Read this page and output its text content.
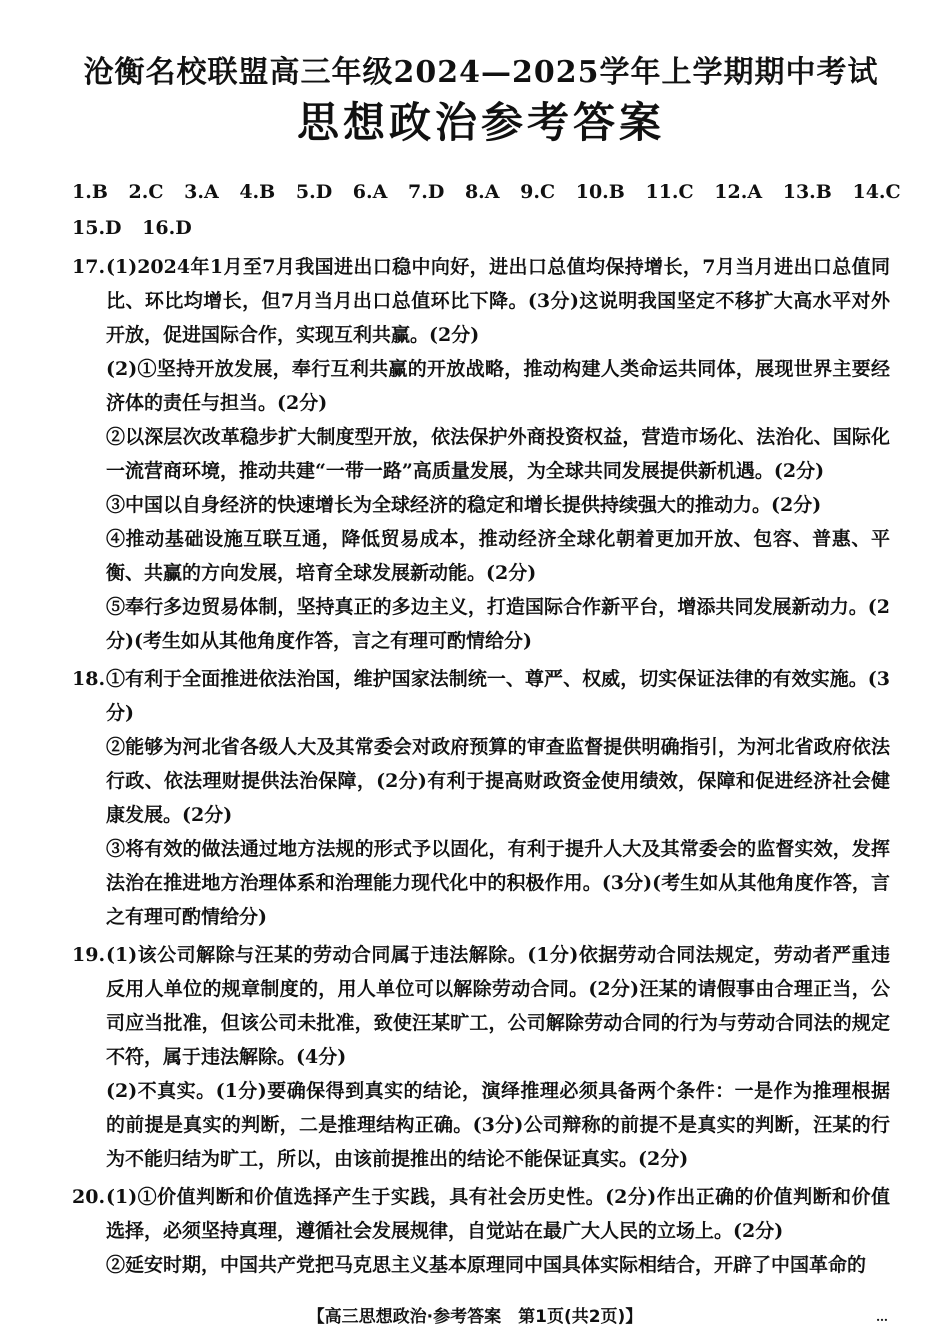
沧衡名校联盟高三年级2024—2025学年上学期期中考试
思想政治参考答案
1.B 2.C 3.A 4.B 5.D 6.A 7.D 8.A 9.C 10.B 11.C 12.A 13.B 14.C
15.D 16.D
17. (1)2024年1月至7月我国进出口稳中向好，进出口总值均保持增长，7月当月进出口总值同比、环比均增长，但7月当月出口总值环比下降。(3分)这说明我国坚定不移扩大高水平对外开放，促进国际合作，实现互利共赢。(2分)

(2)①坚持开放发展，奉行互利共赢的开放战略，推动构建人类命运共同体，展现世界主要经济体的责任与担当。(2分)

②以深层次改革稳步扩大制度型开放，依法保护外商投资权益，营造市场化、法治化、国际化一流营商环境，推动共建“一带一路”高质量发展，为全球共同发展提供新机遇。(2分)

③中国以自身经济的快速增长为全球经济的稳定和增长提供持续强大的推动力。(2分)

④推动基础设施互联互通，降低贸易成本，推动经济全球化朝着更加开放、包容、普惠、平衡、共赢的方向发展，培育全球发展新动能。(2分)

⑤奉行多边贸易体制，坚持真正的多边主义，打造国际合作新平台，增添共同发展新动力。(2分)(考生如从其他角度作答，言之有理可酌情给分)

18. ①有利于全面推进依法治国，维护国家法制统一、尊严、权威，切实保证法律的有效实施。(3分)

②能够为河北省各级人大及其常委会对政府预算的审查监督提供明确指引，为河北省政府依法行政、依法理财提供法治保障，(2分)有利于提高财政资金使用绩效，保障和促进经济社会健康发展。(2分)

③将有效的做法通过地方法规的形式予以固化，有利于提升人大及其常委会的监督实效，发挥法治在推进地方治理体系和治理能力现代化中的积极作用。(3分)(考生如从其他角度作答，言之有理可酌情给分)

19. (1)该公司解除与汪某的劳动合同属于违法解除。(1分)依据劳动合同法规定，劳动者严重违反用人单位的规章制度的，用人单位可以解除劳动合同。(2分)汪某的请假事由合理正当，公司应当批准，但该公司未批准，致使汪某旷工，公司解除劳动合同的行为与劳动合同法的规定不符，属于违法解除。(4分)

(2)不真实。(1分)要确保得到真实的结论，演绎推理必须具备两个条件：一是作为推理根据的前提是真实的判断，二是推理结构正确。(3分)公司辩称的前提不是真实的判断，汪某的行为不能归结为旷工，所以，由该前提推出的结论不能保证真实。(2分)

20. (1)①价值判断和价值选择产生于实践，具有社会历史性。(2分)作出正确的价值判断和价值选择，必须坚持真理，遵循社会发展规律，自觉站在最广大人民的立场上。(2分)

②延安时期，中国共产党把马克思主义基本原理同中国具体实际相结合，开辟了中国革命的

【高三思想政治·参考答案　第1页(共2页)】	…
